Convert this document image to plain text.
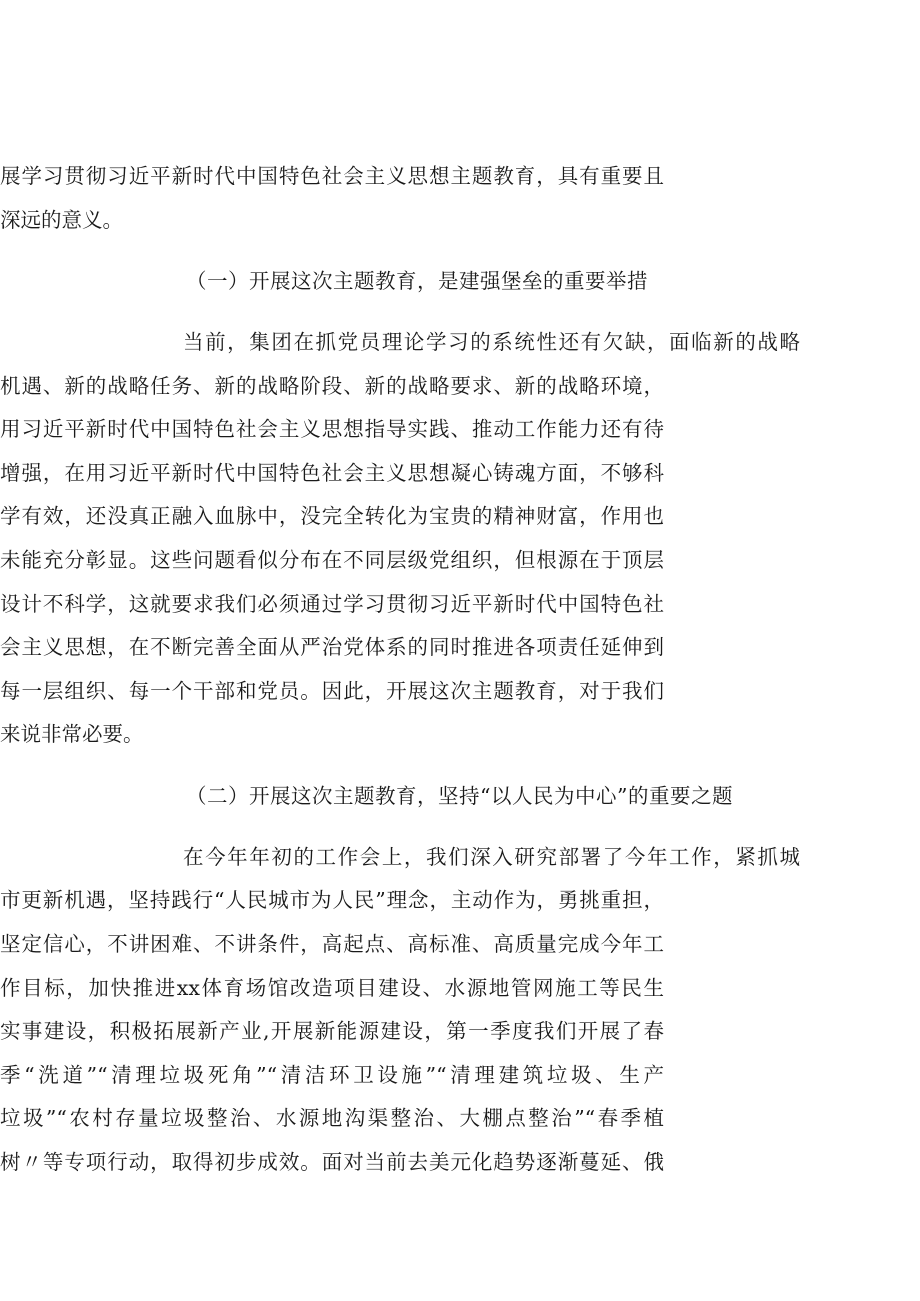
展学习贯彻习近平新时代中国特色社会主义思想主题教育，具有重要且
深远的意义。
（一）开展这次主题教育，是建强堡垒的重要举措
当前，集团在抓党员理论学习的系统性还有欠缺，面临新的战略
机遇、新的战略任务、新的战略阶段、新的战略要求、新的战略环境，
用习近平新时代中国特色社会主义思想指导实践、推动工作能力还有待
增强，在用习近平新时代中国特色社会主义思想凝心铸魂方面，不够科
学有效，还没真正融入血脉中，没完全转化为宝贵的精神财富，作用也
未能充分彰显。这些问题看似分布在不同层级党组织，但根源在于顶层
设计不科学，这就要求我们必须通过学习贯彻习近平新时代中国特色社
会主义思想，在不断完善全面从严治党体系的同时推进各项责任延伸到
每一层组织、每一个干部和党员。因此，开展这次主题教育，对于我们
来说非常必要。
（二）开展这次主题教育，坚持“以人民为中心”的重要之题
在今年年初的工作会上，我们深入研究部署了今年工作，紧抓城
市更新机遇，坚持践行“人民城市为人民”理念，主动作为，勇挑重担，
坚定信心，不讲困难、不讲条件，高起点、高标准、高质量完成今年工
作目标，加快推进xx体育场馆改造项目建设、水源地管网施工等民生
实事建设，积极拓展新产业,开展新能源建设，第一季度我们开展了春
季“洗道”“清理垃圾死角”“清洁环卫设施”“清理建筑垃圾、生产
垃圾”“农村存量垃圾整治、水源地沟渠整治、大棚点整治”“春季植
树〃等专项行动，取得初步成效。面对当前去美元化趋势逐渐蔓延、俄
